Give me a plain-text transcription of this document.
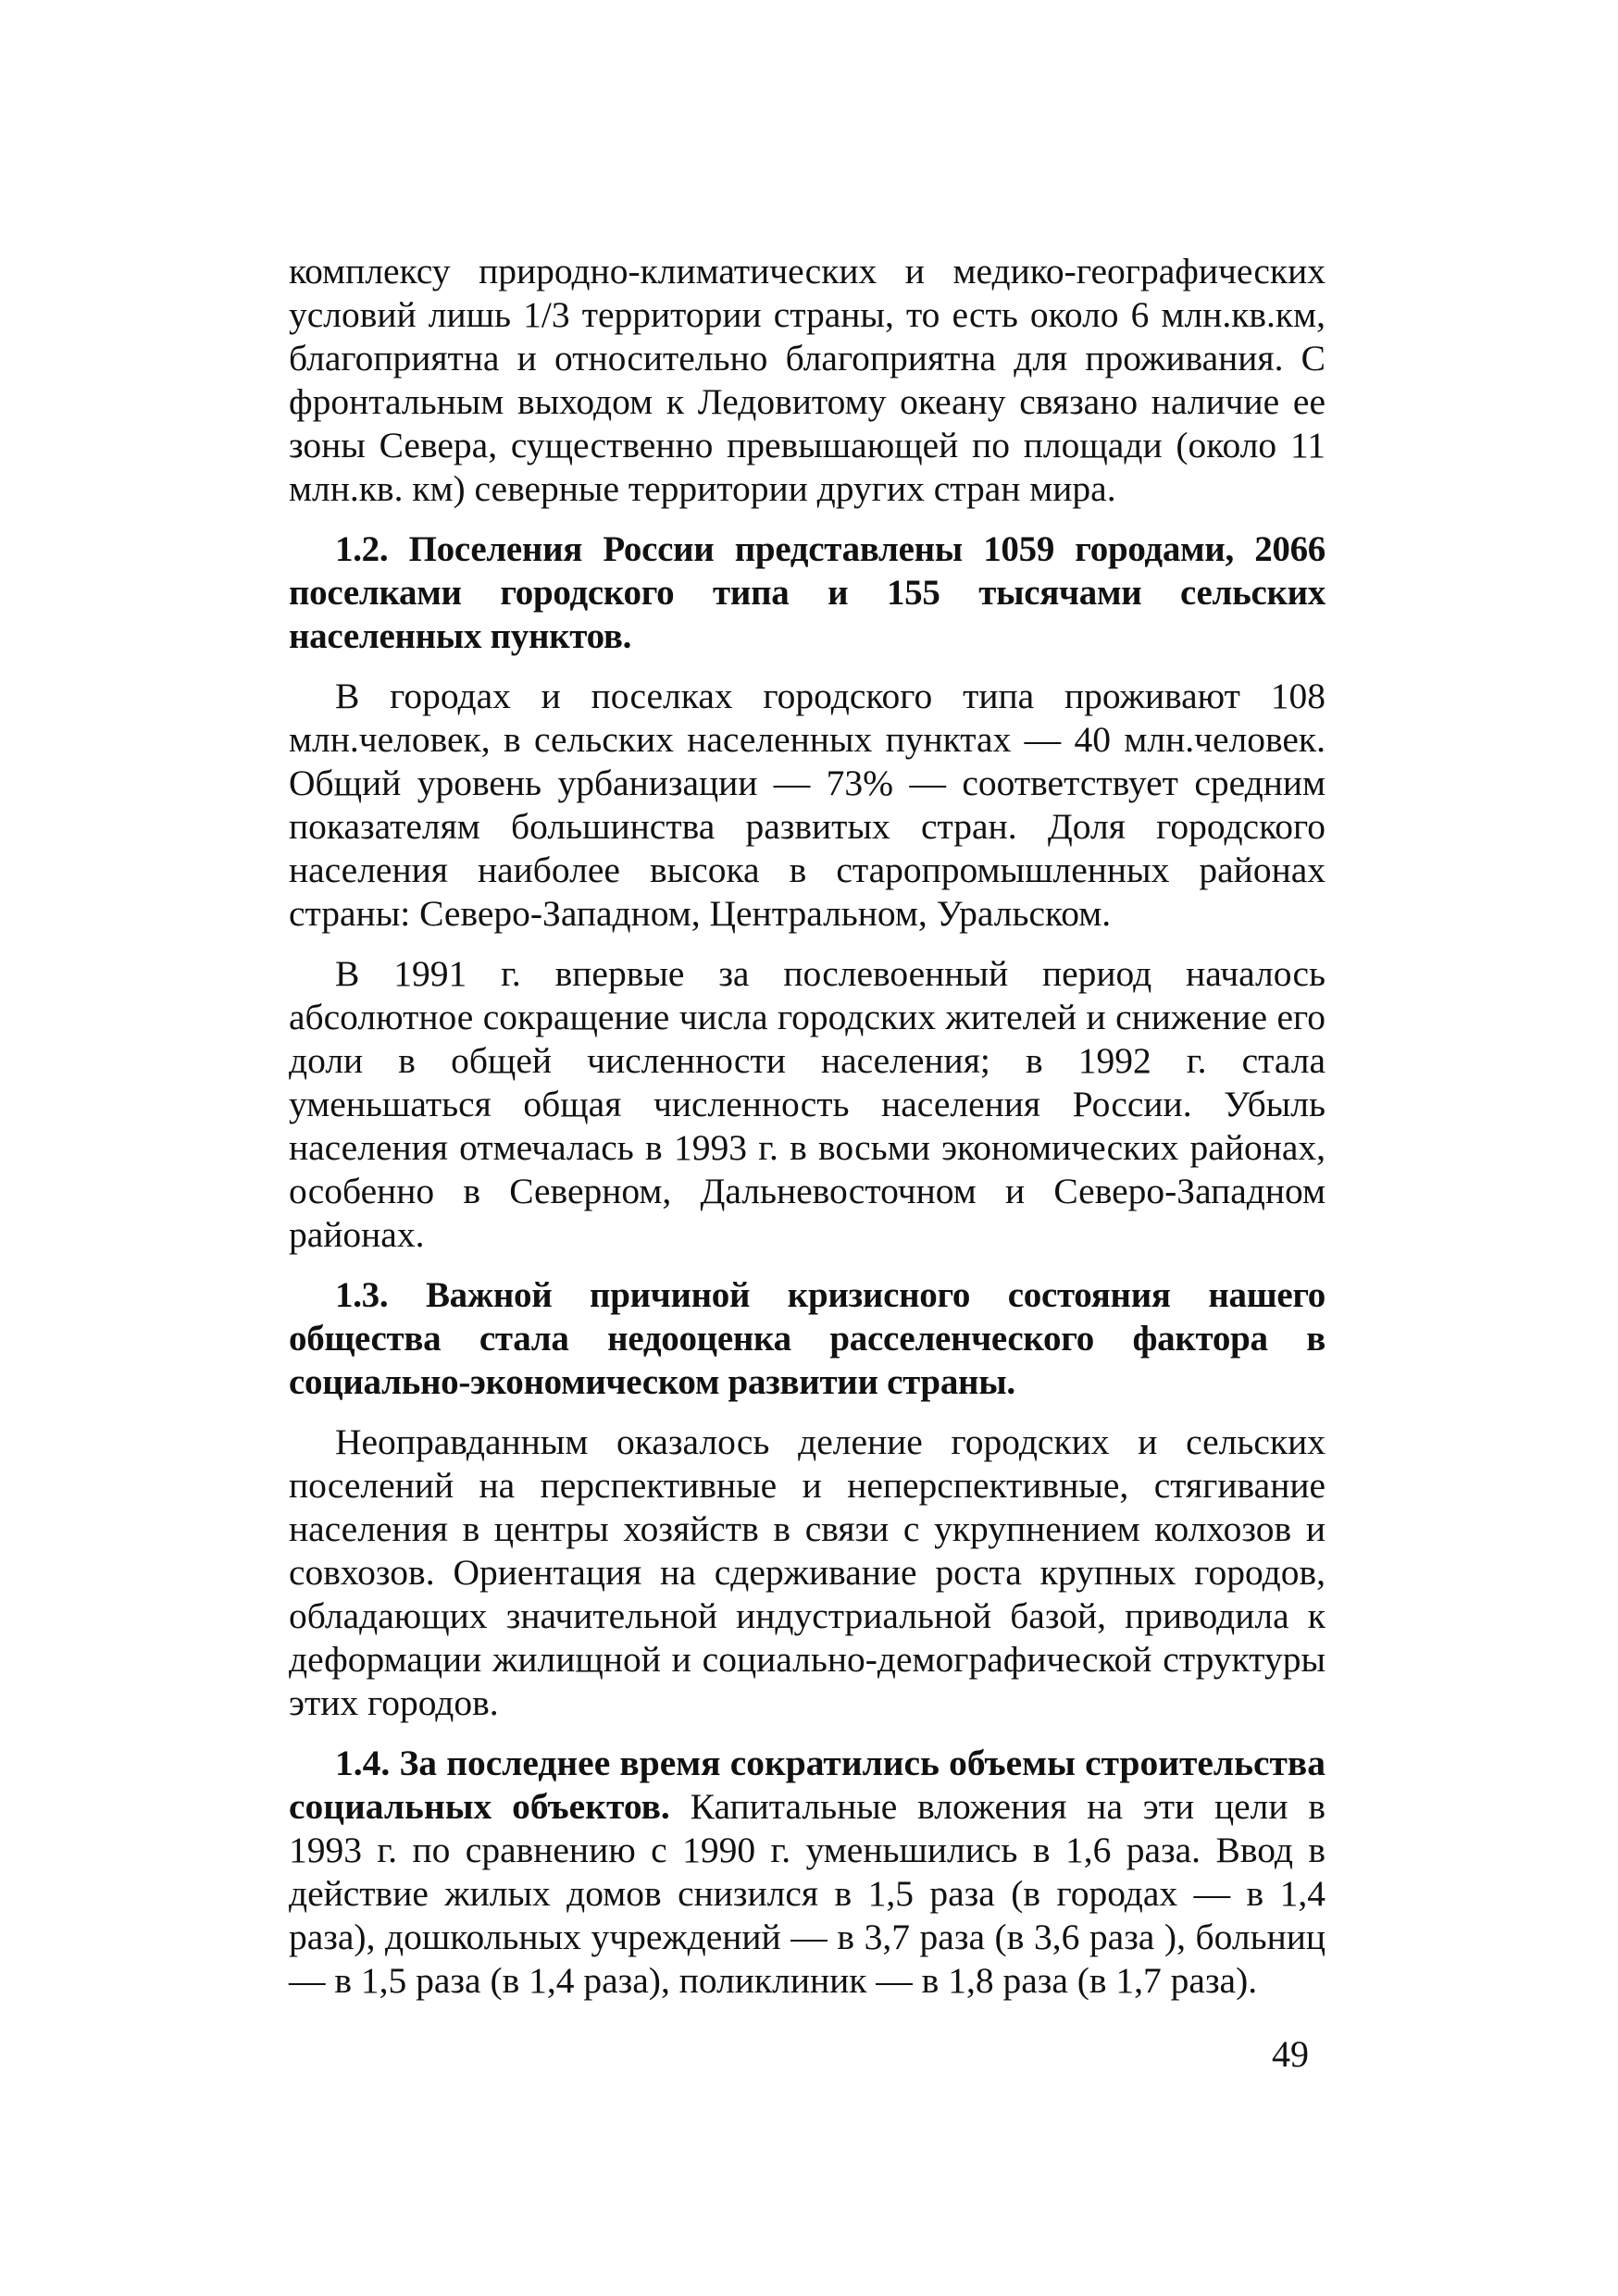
комплексу природно-климатических и медико-географических условий лишь 1/3 территории страны, то есть около 6 млн.кв.км, благоприятна и относительно благоприятна для проживания. С фронтальным выходом к Ледовитому океану связано наличие ее зоны Севера, существенно превышающей по площади (около 11 млн.кв. км) северные территории других стран мира.

1.2. Поселения России представлены 1059 городами, 2066 поселками городского типа и 155 тысячами сельских населенных пунктов.

В городах и поселках городского типа проживают 108 млн.человек, в сельских населенных пунктах — 40 млн.человек. Общий уровень урбанизации — 73% — соответствует средним показателям большинства развитых стран. Доля городского населения наиболее высока в старопромышленных районах страны: Северо-Западном, Центральном, Уральском.

В 1991 г. впервые за послевоенный период началось абсолютное сокращение числа городских жителей и снижение его доли в общей численности населения; в 1992 г. стала уменьшаться общая численность населения России. Убыль населения отмечалась в 1993 г. в восьми экономических районах, особенно в Северном, Дальневосточном и Северо-Западном районах.

1.3. Важной причиной кризисного состояния нашего общества стала недооценка расселенческого фактора в социально-экономическом развитии страны.

Неоправданным оказалось деление городских и сельских поселений на перспективные и неперспективные, стягивание населения в центры хозяйств в связи с укрупнением колхозов и совхозов. Ориентация на сдерживание роста крупных городов, обладающих значительной индустриальной базой, приводила к деформации жилищной и социально-демографической структуры этих городов.

1.4. За последнее время сократились объемы строительства социальных объектов. Капитальные вложения на эти цели в 1993 г. по сравнению с 1990 г. уменьшились в 1,6 раза. Ввод в действие жилых домов снизился в 1,5 раза (в городах — в 1,4 раза), дошкольных учреждений — в 3,7 раза (в 3,6 раза ), больниц — в 1,5 раза (в 1,4 раза), поликлиник — в 1,8 раза (в 1,7 раза).

49
